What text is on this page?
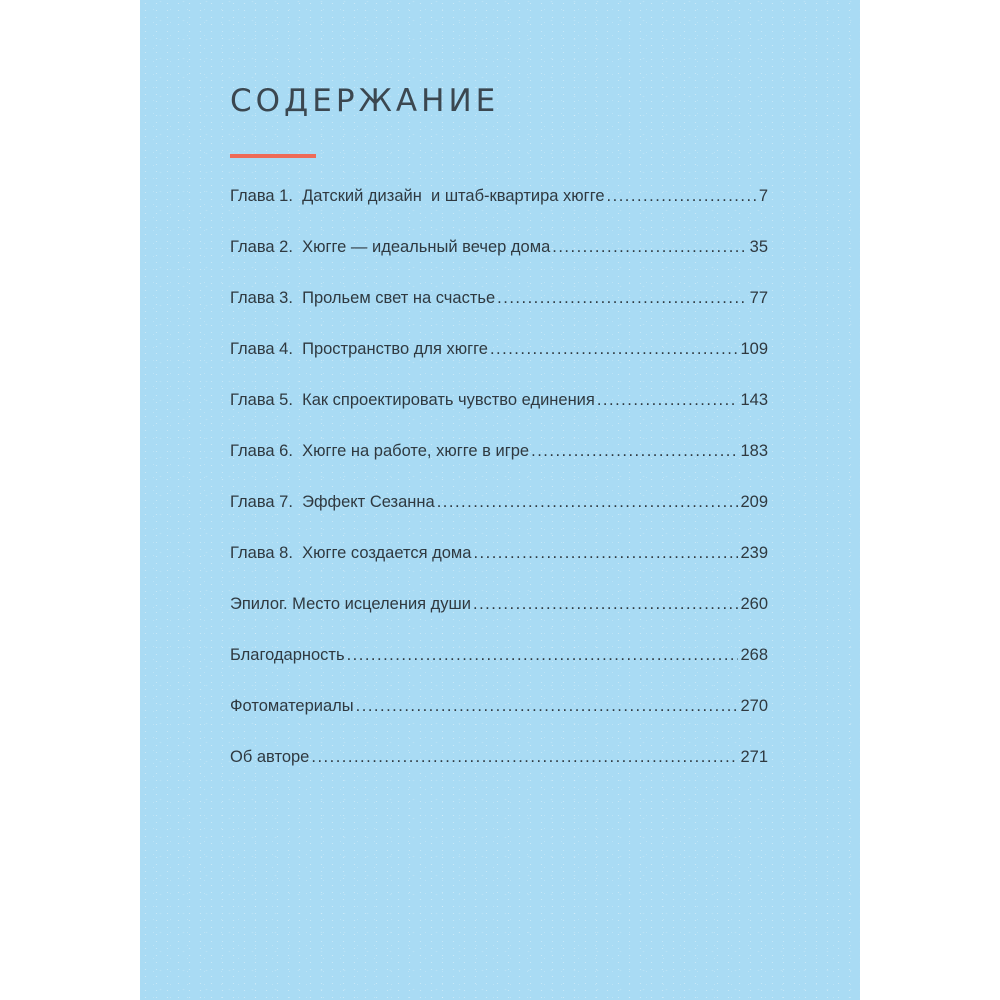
СОДЕРЖАНИЕ
Глава 1.  Датский дизайн  и штаб-квартира хюгге .....	7
Глава 2.  Хюгге — идеальный вечер дома .....	35
Глава 3.  Прольем свет на счастье .....	77
Глава 4.  Пространство для хюгге .....	109
Глава 5.  Как спроектировать чувство единения .....	143
Глава 6.  Хюгге на работе, хюгге в игре .....	183
Глава 7.  Эффект Сезанна .....	209
Глава 8.  Хюгге создается дома .....	239
Эпилог. Место исцеления души .....	260
Благодарность .....	268
Фотоматериалы .....	270
Об авторе .....	271
